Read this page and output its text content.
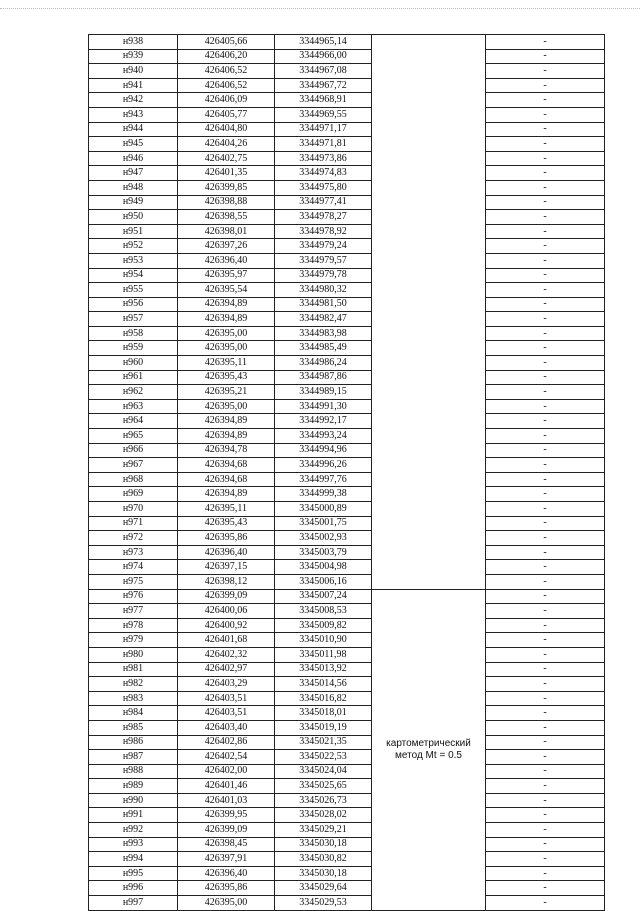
н938	426405,66	3344965,14		-
н939	426406,20	3344966,00		-
н940	426406,52	3344967,08		-
н941	426406,52	3344967,72		-
н942	426406,09	3344968,91		-
н943	426405,77	3344969,55		-
н944	426404,80	3344971,17		-
н945	426404,26	3344971,81		-
н946	426402,75	3344973,86		-
н947	426401,35	3344974,83		-
н948	426399,85	3344975,80		-
н949	426398,88	3344977,41		-
н950	426398,55	3344978,27		-
н951	426398,01	3344978,92		-
н952	426397,26	3344979,24		-
н953	426396,40	3344979,57		-
н954	426395,97	3344979,78		-
н955	426395,54	3344980,32		-
н956	426394,89	3344981,50		-
н957	426394,89	3344982,47		-
н958	426395,00	3344983,98		-
н959	426395,00	3344985,49		-
н960	426395,11	3344986,24		-
н961	426395,43	3344987,86		-
н962	426395,21	3344989,15		-
н963	426395,00	3344991,30		-
н964	426394,89	3344992,17		-
н965	426394,89	3344993,24		-
н966	426394,78	3344994,96		-
н967	426394,68	3344996,26		-
н968	426394,68	3344997,76		-
н969	426394,89	3344999,38		-
н970	426395,11	3345000,89		-
н971	426395,43	3345001,75		-
н972	426395,86	3345002,93		-
н973	426396,40	3345003,79		-
н974	426397,15	3345004,98		-
н975	426398,12	3345006,16		-
н976	426399,09	3345007,24	картометрический метод Mt = 0.5	-
н977	426400,06	3345008,53		-
н978	426400,92	3345009,82		-
н979	426401,68	3345010,90		-
н980	426402,32	3345011,98		-
н981	426402,97	3345013,92		-
н982	426403,29	3345014,56		-
н983	426403,51	3345016,82		-
н984	426403,51	3345018,01		-
н985	426403,40	3345019,19		-
н986	426402,86	3345021,35		-
н987	426402,54	3345022,53		-
н988	426402,00	3345024,04		-
н989	426401,46	3345025,65		-
н990	426401,03	3345026,73		-
н991	426399,95	3345028,02		-
н992	426399,09	3345029,21		-
н993	426398,45	3345030,18		-
н994	426397,91	3345030,82		-
н995	426396,40	3345030,18		-
н996	426395,86	3345029,64		-
н997	426395,00	3345029,53		-
